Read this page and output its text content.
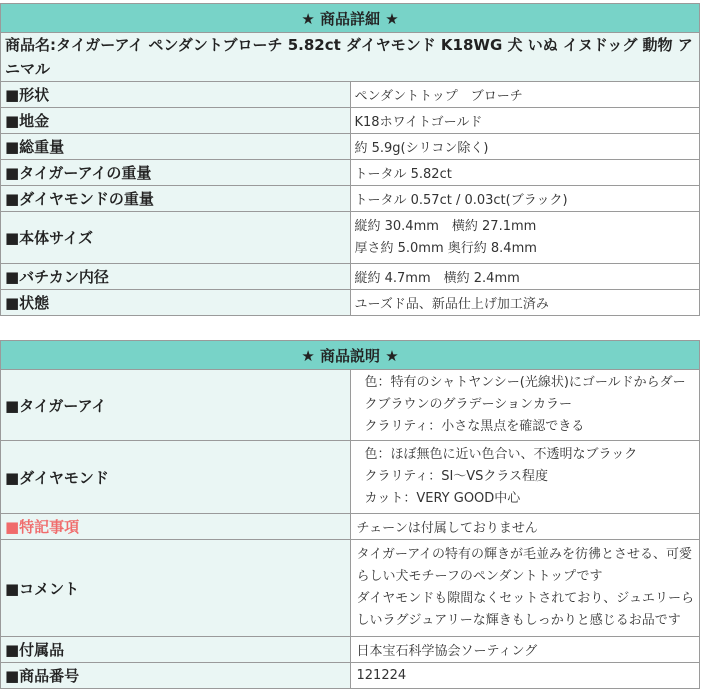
★ 商品詳細 ★	
商品名:タイガーアイ ペンダントブローチ 5.82ct ダイヤモンド K18WG 犬 いぬ イヌドッグ 動物 アニマル	
■形状	ペンダントトップ　ブローチ
■地金	K18ホワイトゴールド
■総重量	約 5.9g(シリコン除く)
■タイガーアイの重量	トータル 5.82ct
■ダイヤモンドの重量	トータル 0.57ct / 0.03ct(ブラック)
■本体サイズ	縦約 30.4mm　横約 27.1mm
厚さ約 5.0mm 奥行約 8.4mm

■バチカン内径	縦約 4.7mm　横約 2.4mm
■状態	ユーズド品、新品仕上げ加工済み
★ 商品説明 ★	
■タイガーアイ	色：特有のシャトヤンシー(光線状)にゴールドからダークブラウンのグラデーションカラー
クラリティ：小さな黒点を確認できる

■ダイヤモンド	色：ほぼ無色に近い色合い、不透明なブラック
クラリティ：SI〜VSクラス程度
カット：VERY GOOD中心

■特記事項	チェーンは付属しておりません
■コメント	タイガーアイの特有の輝きが毛並みを彷彿とさせる、可愛らしい犬モチーフのペンダントトップです
ダイヤモンドも隙間なくセットされており、ジュエリーらしいラグジュアリーな輝きもしっかりと感じるお品です

■付属品	日本宝石科学協会ソーティング
■商品番号	121224
